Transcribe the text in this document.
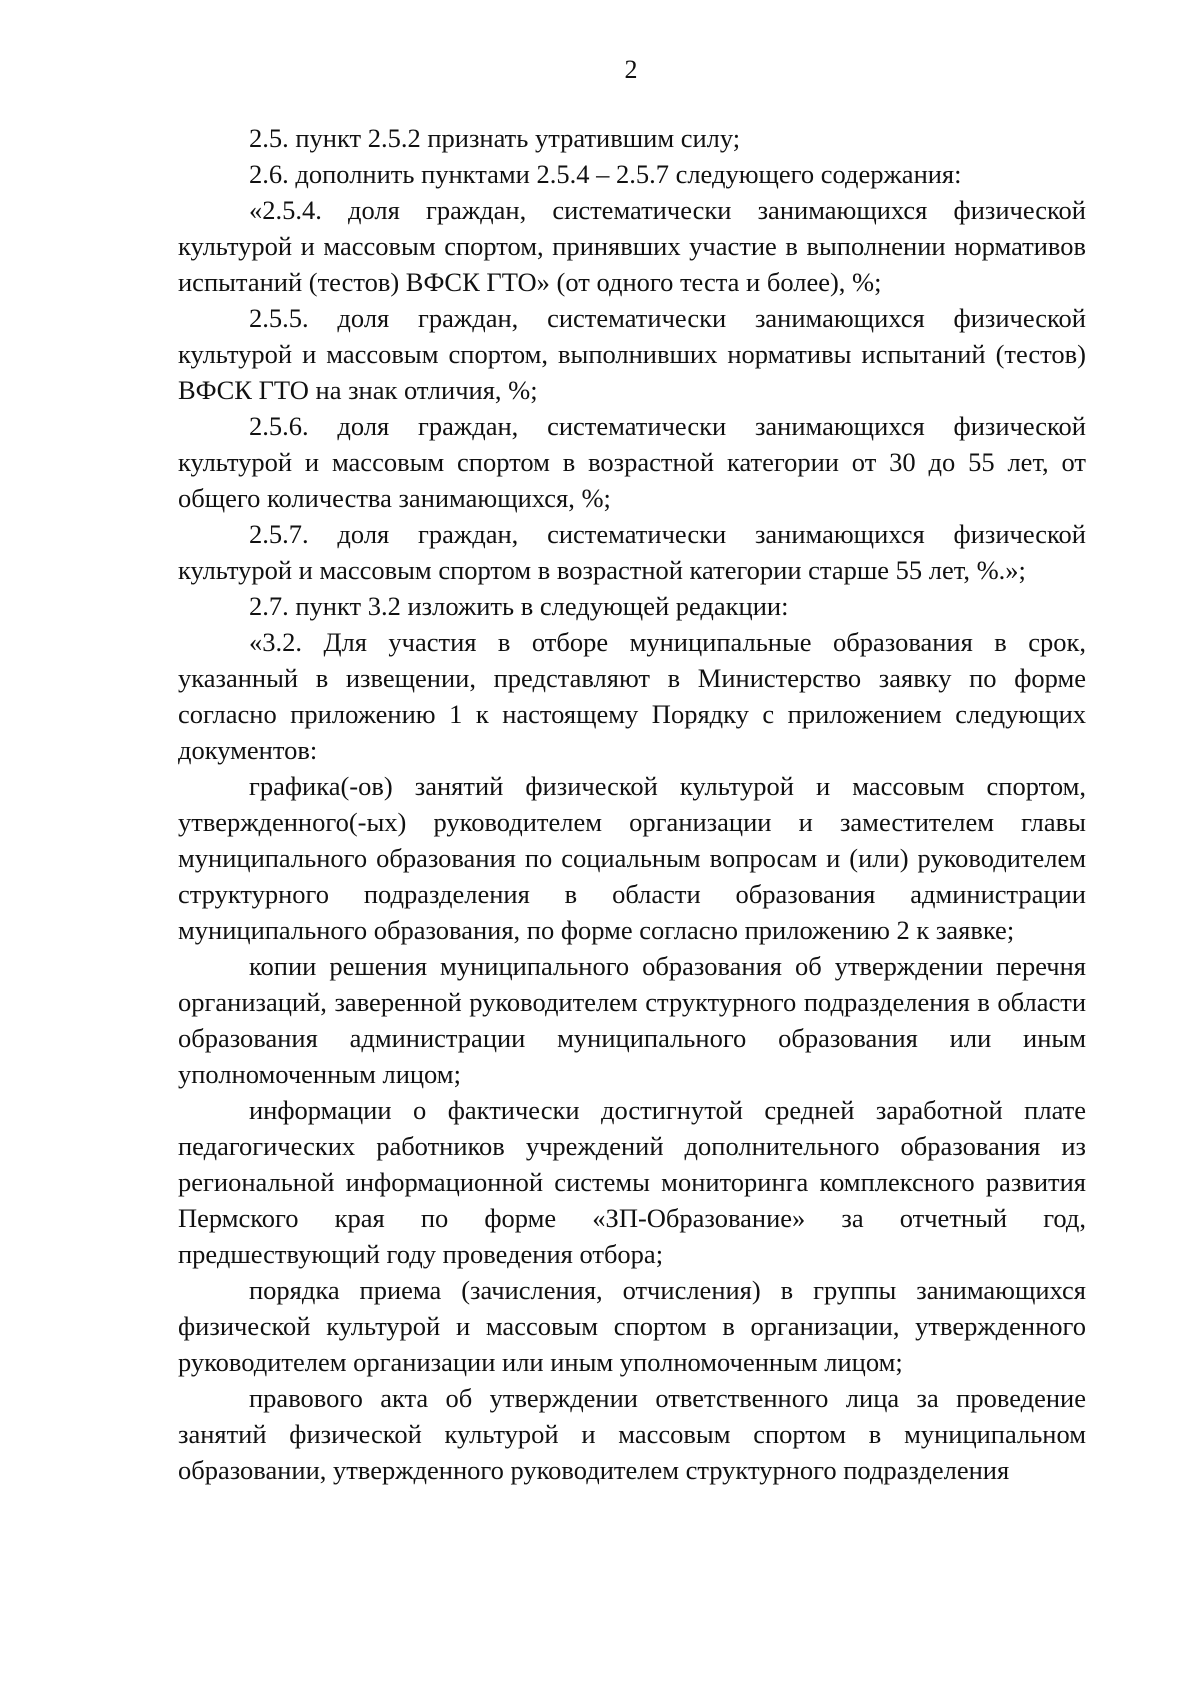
2

2.5. пункт 2.5.2 признать утратившим силу;

2.6. дополнить пунктами 2.5.4 – 2.5.7 следующего содержания:

«2.5.4. доля граждан, систематически занимающихся физической культурой и массовым спортом, принявших участие в выполнении нормативов испытаний (тестов) ВФСК ГТО» (от одного теста и более), %;

2.5.5. доля граждан, систематически занимающихся физической культурой и массовым спортом, выполнивших нормативы испытаний (тестов) ВФСК ГТО на знак отличия, %;

2.5.6. доля граждан, систематически занимающихся физической культурой и массовым спортом в возрастной категории от 30 до 55 лет, от общего количества занимающихся, %;

2.5.7. доля граждан, систематически занимающихся физической культурой и массовым спортом в возрастной категории старше 55 лет, %.»;

2.7. пункт 3.2 изложить в следующей редакции:

«3.2. Для участия в отборе муниципальные образования в срок, указанный в извещении, представляют в Министерство заявку по форме согласно приложению 1 к настоящему Порядку с приложением следующих документов:

графика(-ов) занятий физической культурой и массовым спортом, утвержденного(-ых) руководителем организации и заместителем главы муниципального образования по социальным вопросам и (или) руководителем структурного подразделения в области образования администрации муниципального образования, по форме согласно приложению 2 к заявке;

копии решения муниципального образования об утверждении перечня организаций, заверенной руководителем структурного подразделения в области образования администрации муниципального образования или иным уполномоченным лицом;

информации о фактически достигнутой средней заработной плате педагогических работников учреждений дополнительного образования из региональной информационной системы мониторинга комплексного развития Пермского края по форме «ЗП-Образование» за отчетный год, предшествующий году проведения отбора;

порядка приема (зачисления, отчисления) в группы занимающихся физической культурой и массовым спортом в организации, утвержденного руководителем организации или иным уполномоченным лицом;

правового акта об утверждении ответственного лица за проведение занятий физической культурой и массовым спортом в муниципальном образовании, утвержденного руководителем структурного подразделения
